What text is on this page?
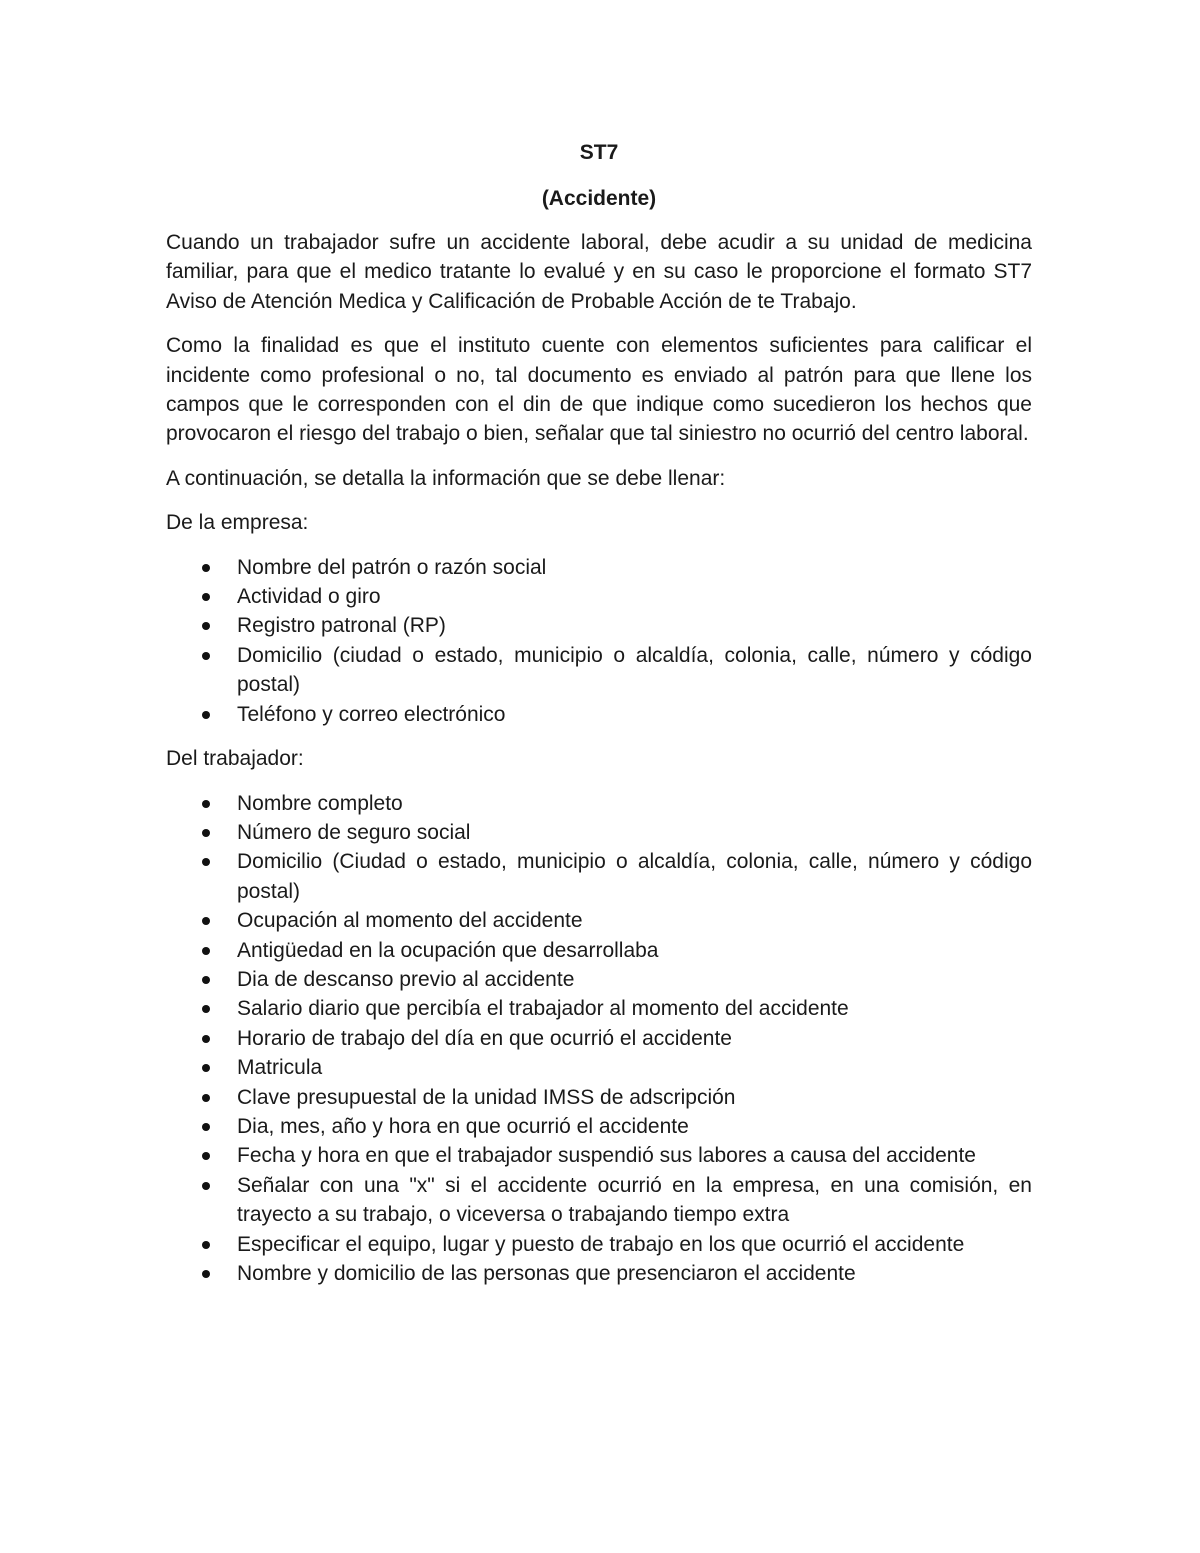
ST7

(Accidente)

Cuando un trabajador sufre un accidente laboral, debe acudir a su unidad de medicina familiar, para que el medico tratante lo evalué y en su caso le proporcione el formato ST7 Aviso de Atención Medica y Calificación de Probable Acción de te Trabajo.

Como la finalidad es que el instituto cuente con elementos suficientes para calificar el incidente como profesional o no, tal documento es enviado al patrón para que llene los campos que le corresponden con el din de que indique como sucedieron los hechos que provocaron el riesgo del trabajo o bien, señalar que tal siniestro no ocurrió del centro laboral.

A continuación, se detalla la información que se debe llenar:

De la empresa:

Nombre del patrón o razón social
Actividad o giro
Registro patronal (RP)
Domicilio (ciudad o estado, municipio o alcaldía, colonia, calle, número y código postal)
Teléfono y correo electrónico

Del trabajador:

Nombre completo
Número de seguro social
Domicilio (Ciudad o estado, municipio o alcaldía, colonia, calle, número y código postal)
Ocupación al momento del accidente
Antigüedad en la ocupación que desarrollaba
Dia de descanso previo al accidente
Salario diario que percibía el trabajador al momento del accidente
Horario de trabajo del día en que ocurrió el accidente
Matricula
Clave presupuestal de la unidad IMSS de adscripción
Dia, mes, año y hora en que ocurrió el accidente
Fecha y hora en que el trabajador suspendió sus labores a causa del accidente
Señalar con una "x" si el accidente ocurrió en la empresa, en una comisión, en trayecto a su trabajo, o viceversa o trabajando tiempo extra
Especificar el equipo, lugar y puesto de trabajo en los que ocurrió el accidente
Nombre y domicilio de las personas que presenciaron el accidente
